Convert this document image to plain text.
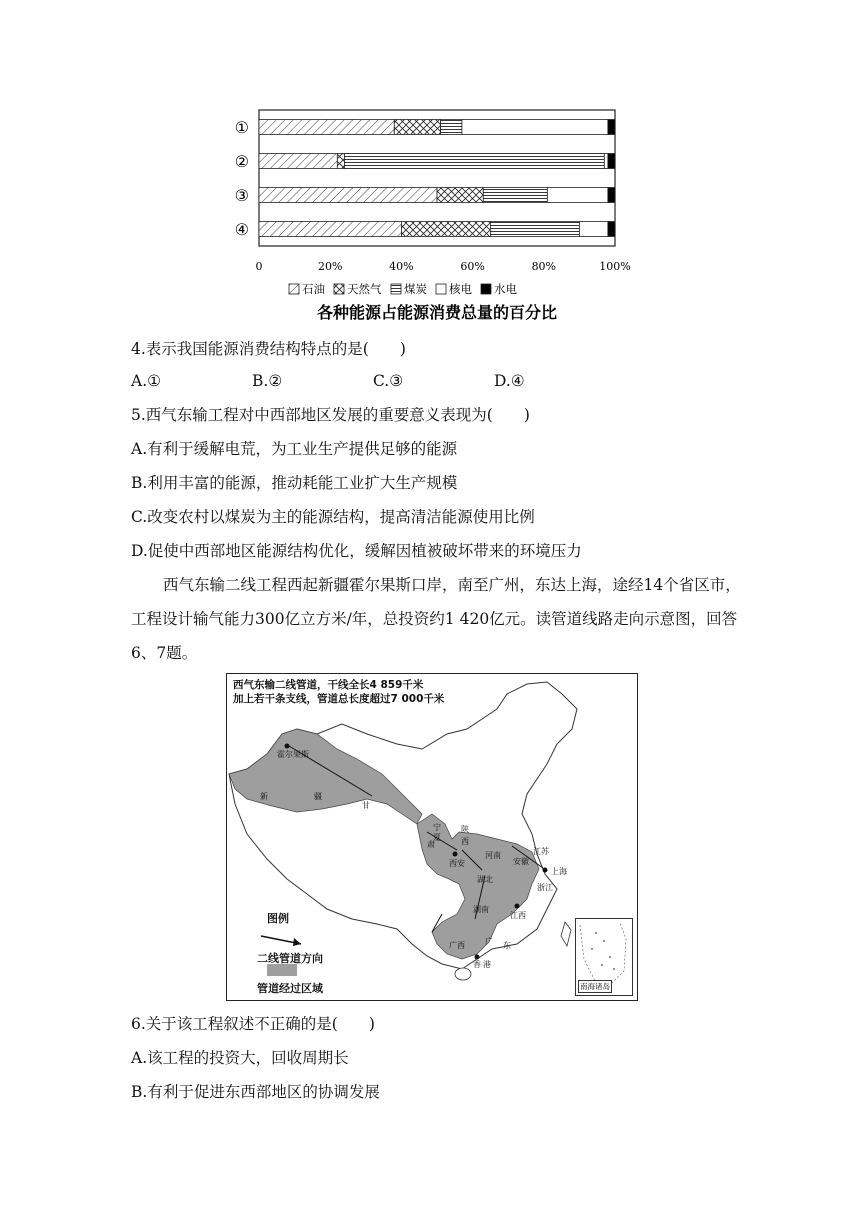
①
②
③
④
0	20%	40%	60%	80%	100%
石油 天然气 煤炭 核电 水电
各种能源占能源消费总量的百分比
4.表示我国能源消费结构特点的是(　　)
A.①	B.②	C.③	D.④
5.西气东输工程对中西部地区发展的重要意义表现为(　　)
A.有利于缓解电荒，为工业生产提供足够的能源
B.利用丰富的能源，推动耗能工业扩大生产规模
C.改变农村以煤炭为主的能源结构，提高清洁能源使用比例
D.促使中西部地区能源结构优化，缓解因植被破坏带来的环境压力
西气东输二线工程西起新疆霍尔果斯口岸，南至广州，东达上海，途经14个省区市，工程设计输气能力300亿立方米/年，总投资约1 420亿元。读管道线路走向示意图，回答6、7题。
西气东输二线管道，干线全长4 859千米
加上若干条支线，管道总长度超过7 000千米
霍尔果斯
新	疆
甘
肃
宁
夏
陕
西
西安
河南	江苏
安徽
上海
湖北
浙江
湖南
江西
广西	广 东
香 港
图例
二线管道方向
管道经过区域	南海诸岛
6.关于该工程叙述不正确的是(　　)
A.该工程的投资大，回收周期长
B.有利于促进东西部地区的协调发展
